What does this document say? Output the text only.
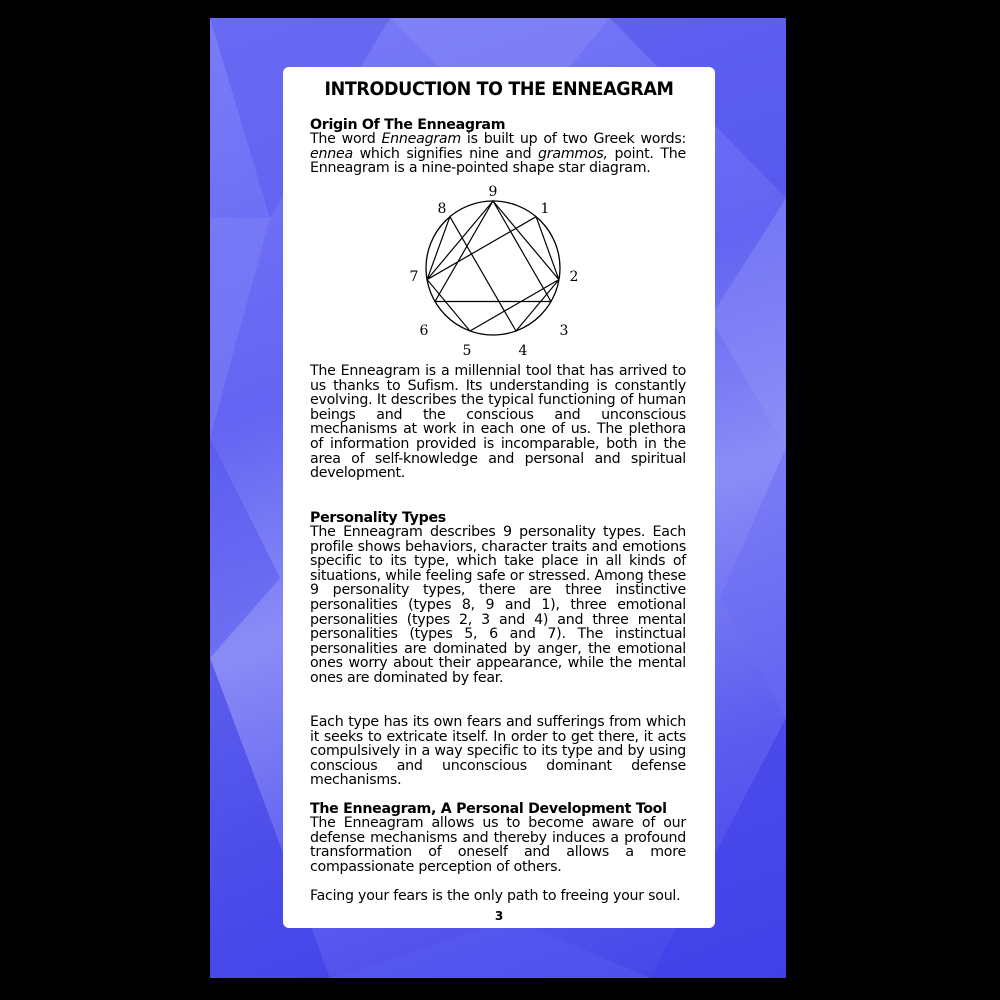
INTRODUCTION TO THE ENNEAGRAM
Origin Of The Enneagram
The word Enneagram is built up of two Greek words: ennea which signifies nine and grammos, point. The Enneagram is a nine-pointed shape star diagram.
1
2
3
4
5
6
7
8
9
The Enneagram is a millennial tool that has arrived to us thanks to Sufism. Its understanding is constantly evolving. It describes the typical functioning of human beings and the conscious and unconscious mechanisms at work in each one of us. The plethora of information provided is incomparable, both in the area of self-knowledge and personal and spiritual development.
Personality Types
The Enneagram describes 9 personality types. Each profile shows behaviors, character traits and emotions specific to its type, which take place in all kinds of situations, while feeling safe or stressed. Among these 9 personality types, there are three instinctive personalities (types 8, 9 and 1), three emotional personalities (types 2, 3 and 4) and three mental personalities (types 5, 6 and 7). The instinctual personalities are dominated by anger, the emotional ones worry about their appearance, while the mental ones are dominated by fear.
Each type has its own fears and sufferings from which it seeks to extricate itself. In order to get there, it acts compulsively in a way specific to its type and by using conscious and unconscious dominant defense mechanisms.
The Enneagram, A Personal Development Tool
The Enneagram allows us to become aware of our defense mechanisms and thereby induces a profound transformation of oneself and allows a more compassionate perception of others.
Facing your fears is the only path to freeing your soul.
3
